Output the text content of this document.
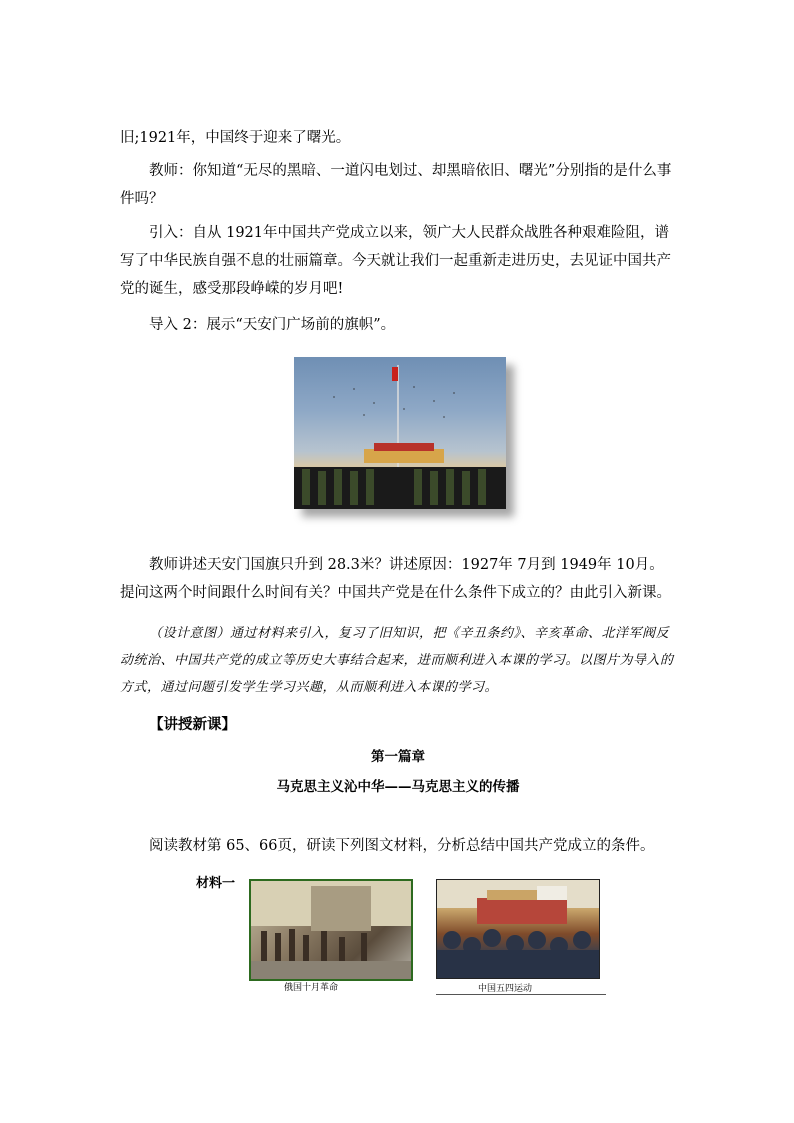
旧;1921年，中国终于迎来了曙光。

教师：你知道“无尽的黑暗、一道闪电划过、却黑暗依旧、曙光”分别指的是什么事件吗？

引入：自从 1921年中国共产党成立以来，领广大人民群众战胜各种艰难险阻，谱写了中华民族自强不息的壮丽篇章。今天就让我们一起重新走进历史，去见证中国共产党的诞生，感受那段峥嵘的岁月吧!

导入 2：展示“天安门广场前的旗帜”。

教师讲述天安门国旗只升到 28.3米？讲述原因：1927年 7月到 1949年 10月。提问这两个时间跟什么时间有关？中国共产党是在什么条件下成立的？由此引入新课。

（设计意图）通过材料来引入，复习了旧知识，把《辛丑条约》、辛亥革命、北洋军阀反动统治、中国共产党的成立等历史大事结合起来，进而顺利进入本课的学习。以图片为导入的方式，通过问题引发学生学习兴趣，从而顺利进入本课的学习。

【讲授新课】

第一篇章
马克思主义沁中华——马克思主义的传播

阅读教材第 65、66页，研读下列图文材料，分析总结中国共产党成立的条件。

材料一
俄国十月革命	中国五四运动
